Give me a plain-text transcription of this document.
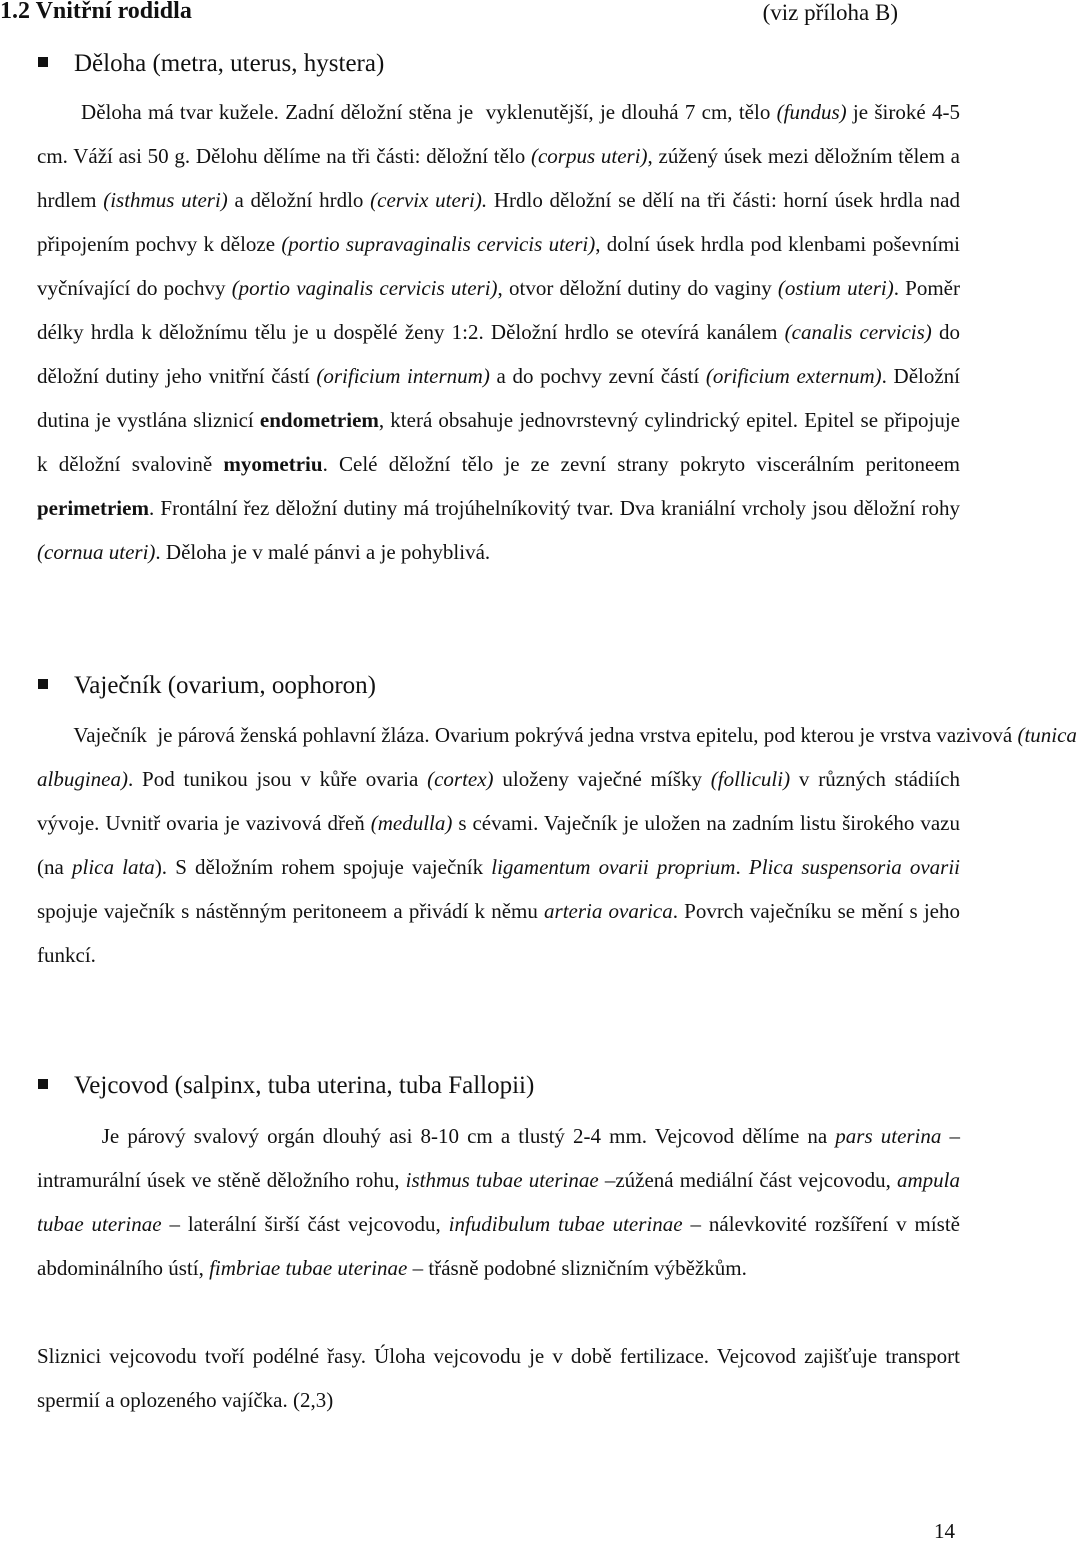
1.2 Vnitřní rodidla	(viz příloha B)
Děloha (metra, uterus, hystera)
Děloha má tvar kužele. Zadní děložní stěna je  vyklenutější, je dlouhá 7 cm, tělo (fundus) je široké 4-5 cm. Váží asi 50 g. Dělohu dělíme na tři části: děložní tělo (corpus uteri), zúžený úsek mezi děložním tělem a hrdlem (isthmus uteri) a děložní hrdlo (cervix uteri). Hrdlo děložní se dělí na tři části: horní úsek hrdla nad připojením pochvy k děloze (portio supravaginalis cervicis uteri), dolní úsek hrdla pod klenbami poševními vyčnívající do pochvy (portio vaginalis cervicis uteri), otvor děložní dutiny do vaginy (ostium uteri). Poměr délky hrdla k děložnímu tělu je u dospělé ženy 1:2. Děložní hrdlo se otevírá kanálem (canalis cervicis) do děložní dutiny jeho vnitřní částí (orificium internum) a do pochvy zevní částí (orificium externum). Děložní dutina je vystlána sliznicí endometriem, která obsahuje jednovrstevný cylindrický epitel. Epitel se připojuje k děložní svalovině myometriu. Celé děložní tělo je ze zevní strany pokryto viscerálním peritoneem perimetriem. Frontální řez děložní dutiny má trojúhelníkovitý tvar. Dva kraniální vrcholy jsou děložní rohy (cornua uteri). Děloha je v malé pánvi a je pohyblivá.
Vaječník (ovarium, oophoron)
Vaječník  je párová ženská pohlavní žláza. Ovarium pokrývá jedna vrstva epitelu, pod kterou je vrstva vazivová (tunica albuginea). Pod tunikou jsou v kůře ovaria (cortex) uloženy vaječné míšky (folliculi) v různých stádiích vývoje. Uvnitř ovaria je vazivová dřeň (medulla) s cévami. Vaječník je uložen na zadním listu širokého vazu (na plica lata). S děložním rohem spojuje vaječník ligamentum ovarii proprium. Plica suspensoria ovarii spojuje vaječník s nástěnným peritoneem a přivádí k němu arteria ovarica. Povrch vaječníku se mění s jeho funkcí.
Vejcovod (salpinx, tuba uterina, tuba Fallopii)
Je párový svalový orgán dlouhý asi 8-10 cm a tlustý 2-4 mm. Vejcovod dělíme na pars uterina – intramurální úsek ve stěně děložního rohu, isthmus tubae uterinae –zúžená mediální část vejcovodu, ampula tubae uterinae – laterální širší část vejcovodu, infudibulum tubae uterinae – nálevkovité rozšíření v místě abdominálního ústí, fimbriae tubae uterinae – třásně podobné slizničním výběžkům.
Sliznici vejcovodu tvoří podélné řasy. Úloha vejcovodu je v době fertilizace. Vejcovod zajišťuje transport spermií a oplozeného vajíčka. (2,3)
14
